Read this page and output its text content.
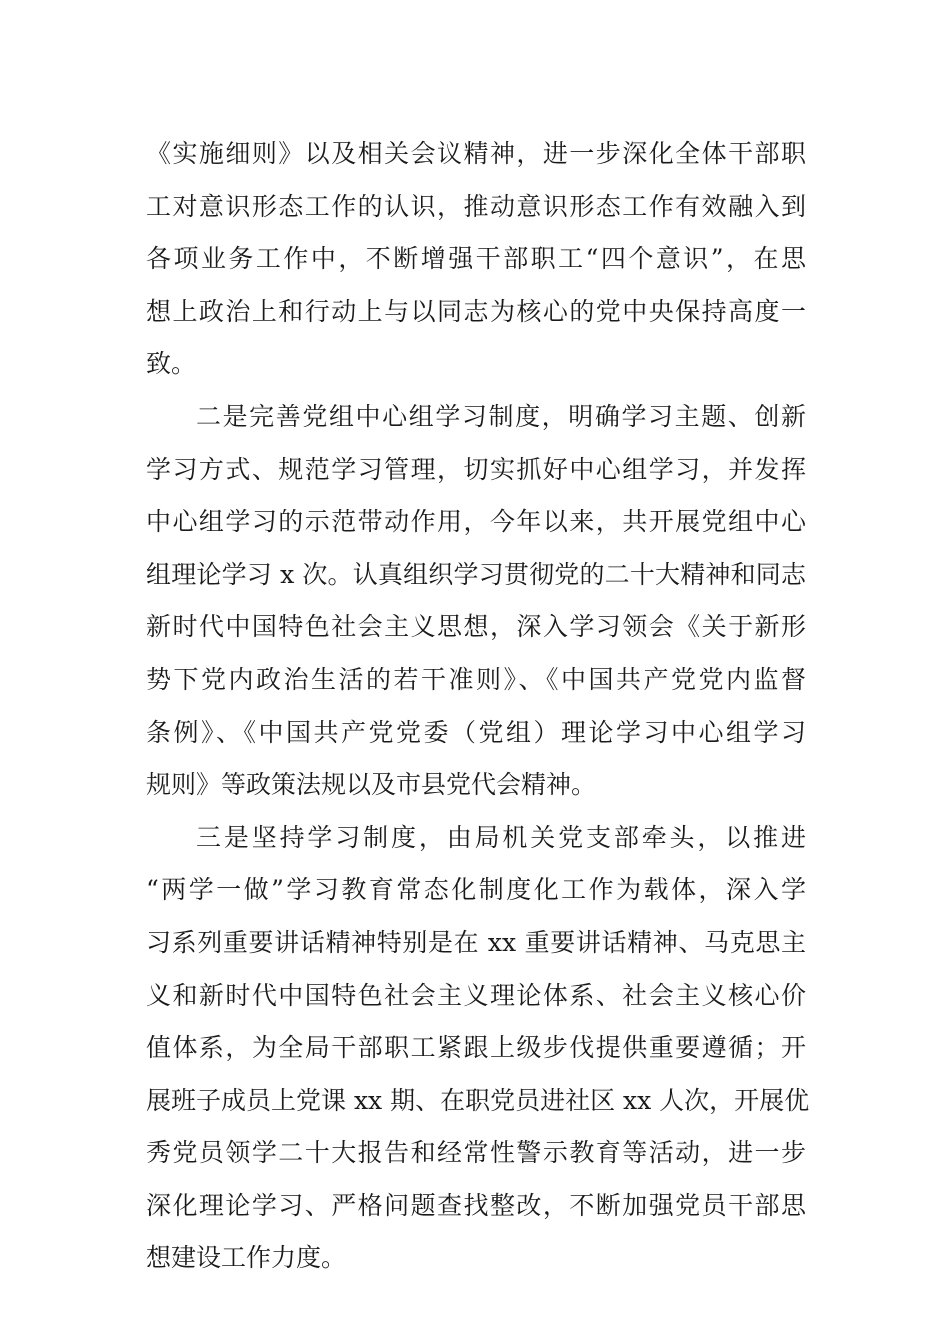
《实施细则》以及相关会议精神，进一步深化全体干部职
工对意识形态工作的认识，推动意识形态工作有效融入到
各项业务工作中，不断增强干部职工“四个意识”，在思
想上政治上和行动上与以同志为核心的党中央保持高度一
致。
二是完善党组中心组学习制度，明确学习主题、创新
学习方式、规范学习管理，切实抓好中心组学习，并发挥
中心组学习的示范带动作用，今年以来，共开展党组中心
组理论学习 x 次。认真组织学习贯彻党的二十大精神和同志
新时代中国特色社会主义思想，深入学习领会《关于新形
势下党内政治生活的若干准则》、《中国共产党党内监督
条例》、《中国共产党党委（党组）理论学习中心组学习
规则》等政策法规以及市县党代会精神。
三是坚持学习制度，由局机关党支部牵头，以推进
“两学一做”学习教育常态化制度化工作为载体，深入学
习系列重要讲话精神特别是在 xx 重要讲话精神、马克思主
义和新时代中国特色社会主义理论体系、社会主义核心价
值体系，为全局干部职工紧跟上级步伐提供重要遵循；开
展班子成员上党课 xx 期、在职党员进社区 xx 人次，开展优
秀党员领学二十大报告和经常性警示教育等活动，进一步
深化理论学习、严格问题查找整改，不断加强党员干部思
想建设工作力度。
